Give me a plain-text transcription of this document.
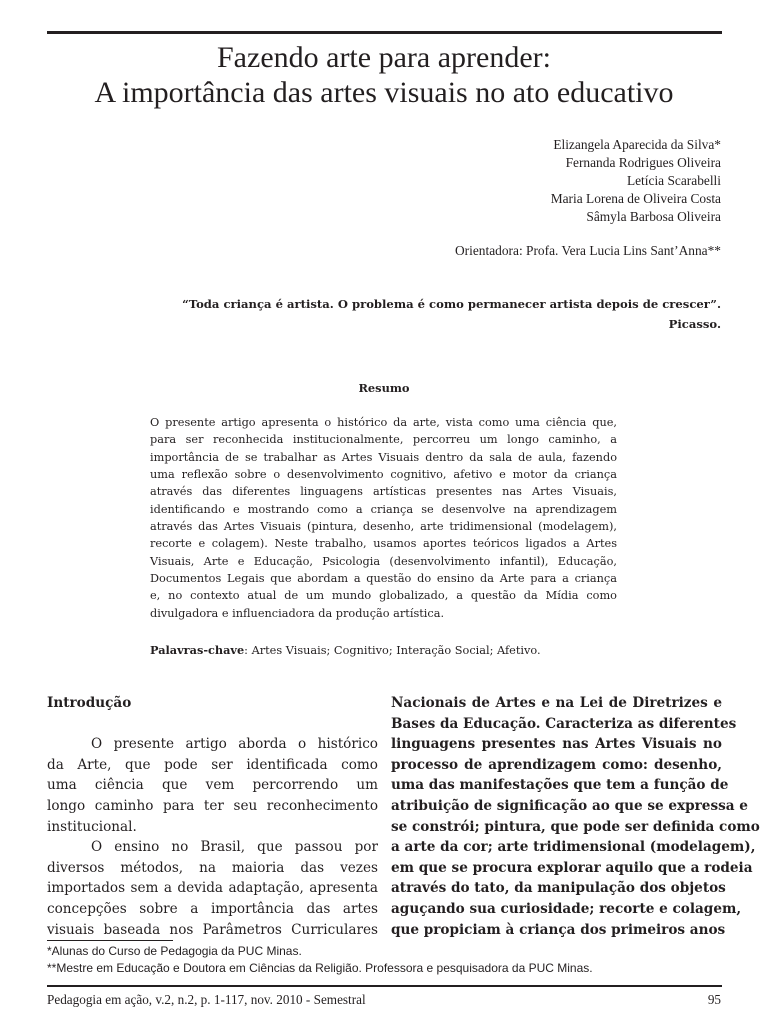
Fazendo arte para aprender:
A importância das artes visuais no ato educativo
Elizangela Aparecida da Silva*
Fernanda Rodrigues Oliveira
Letícia Scarabelli
Maria Lorena de Oliveira Costa
Sâmyla Barbosa Oliveira
Orientadora: Profa. Vera Lucia Lins Sant’Anna**
“Toda criança é artista. O problema é como permanecer artista depois de crescer”.
Picasso.
Resumo
O presente artigo apresenta o histórico da arte, vista como uma ciência que,
para ser reconhecida institucionalmente, percorreu um longo caminho, a
importância de se trabalhar as Artes Visuais dentro da sala de aula, fazendo
uma reflexão sobre o desenvolvimento cognitivo, afetivo e motor da criança
através das diferentes linguagens artísticas presentes nas Artes Visuais,
identificando e mostrando como a criança se desenvolve na aprendizagem
através das Artes Visuais (pintura, desenho, arte tridimensional (modelagem),
recorte e colagem). Neste trabalho, usamos aportes teóricos ligados a Artes
Visuais, Arte e Educação, Psicologia (desenvolvimento infantil), Educação,
Documentos Legais que abordam a questão do ensino da Arte para a criança
e, no contexto atual de um mundo globalizado, a questão da Mídia como
divulgadora e influenciadora da produção artística.
Palavras-chave: Artes Visuais; Cognitivo; Interação Social; Afetivo.
Introdução
O presente artigo aborda o histórico
da Arte, que pode ser identificada como
uma ciência que vem percorrendo um
longo caminho para ter seu reconhecimento
institucional.
O ensino no Brasil, que passou por
diversos métodos, na maioria das vezes
importados sem a devida adaptação, apresenta
concepções sobre a importância das artes
visuais baseada nos Parâmetros Curriculares
Nacionais de Artes e na Lei de Diretrizes e
Bases da Educação. Caracteriza as diferentes
linguagens presentes nas Artes Visuais no
processo de aprendizagem como: desenho,
uma das manifestações que tem a função de
atribuição de significação ao que se expressa e
se constrói; pintura, que pode ser definida como
a arte da cor; arte tridimensional (modelagem),
em que se procura explorar aquilo que a rodeia
através do tato, da manipulação dos objetos
aguçando sua curiosidade; recorte e colagem,
que propiciam à criança dos primeiros anos
*Alunas do Curso de Pedagogia da PUC Minas.
**Mestre em Educação e Doutora em Ciências da Religião. Professora e pesquisadora da PUC Minas.
Pedagogia em ação, v.2, n.2, p. 1-117, nov. 2010 - Semestral	95
